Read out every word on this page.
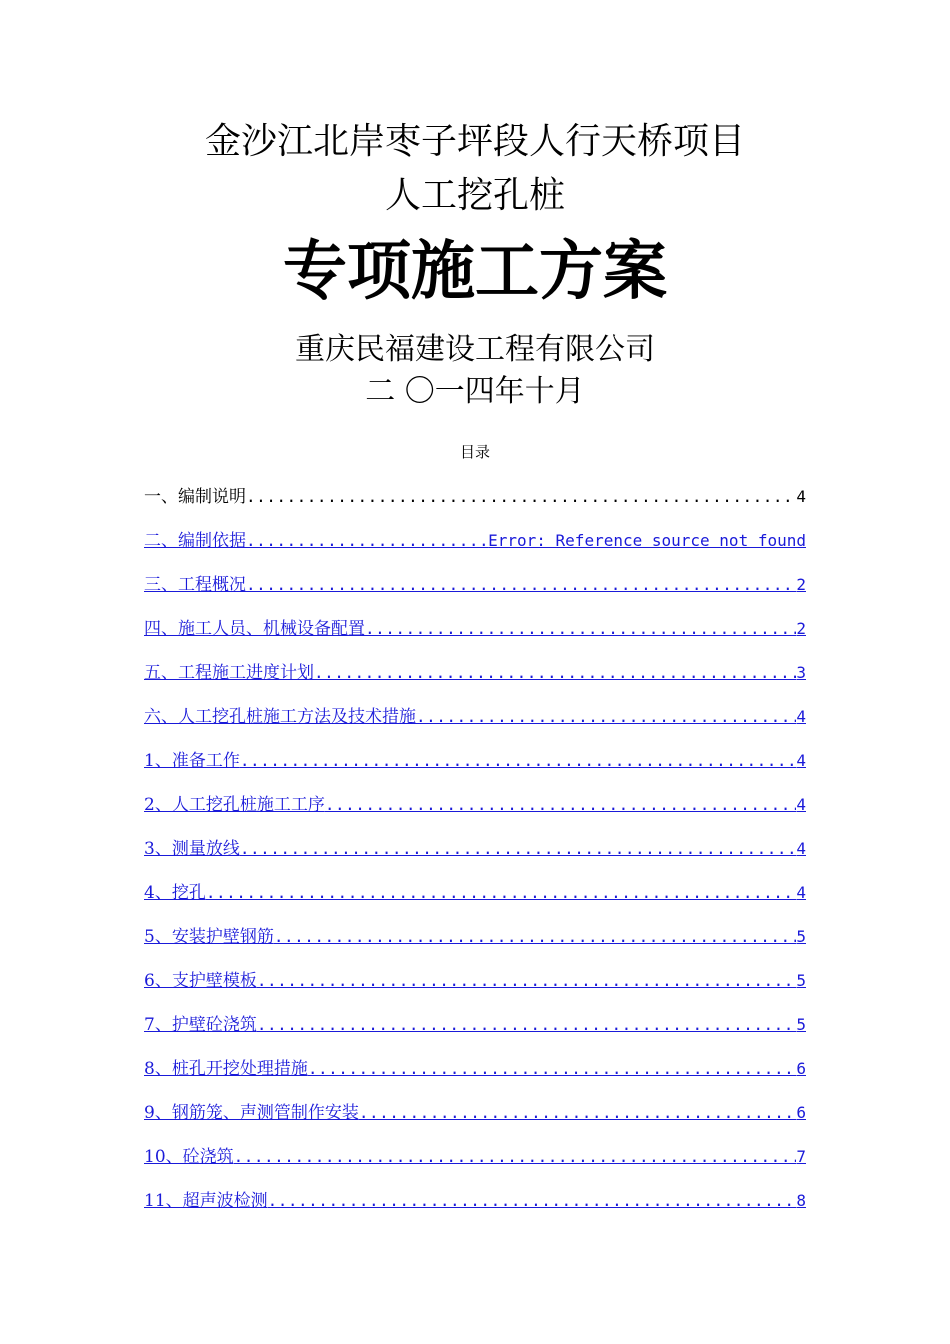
金沙江北岸枣子坪段人行天桥项目
人工挖孔桩
专项施工方案
重庆民福建设工程有限公司
二 〇一四年十月
目录
一、编制说明 .....	4
二、编制依据 .....	Error: Reference source not found
三、工程概况 .....	2
四、施工人员、机械设备配置 .....	2
五、工程施工进度计划 .....	3
六、人工挖孔桩施工方法及技术措施 .....	4
1、准备工作 .....	4
2、人工挖孔桩施工工序 .....	4
3、测量放线 .....	4
4、挖孔 .....	4
5、安装护壁钢筋 .....	5
6、支护壁模板 .....	5
7、护壁砼浇筑 .....	5
8、桩孔开挖处理措施 .....	6
9、钢筋笼、声测管制作安装 .....	6
10、砼浇筑 .....	7
11、超声波检测 .....	8
